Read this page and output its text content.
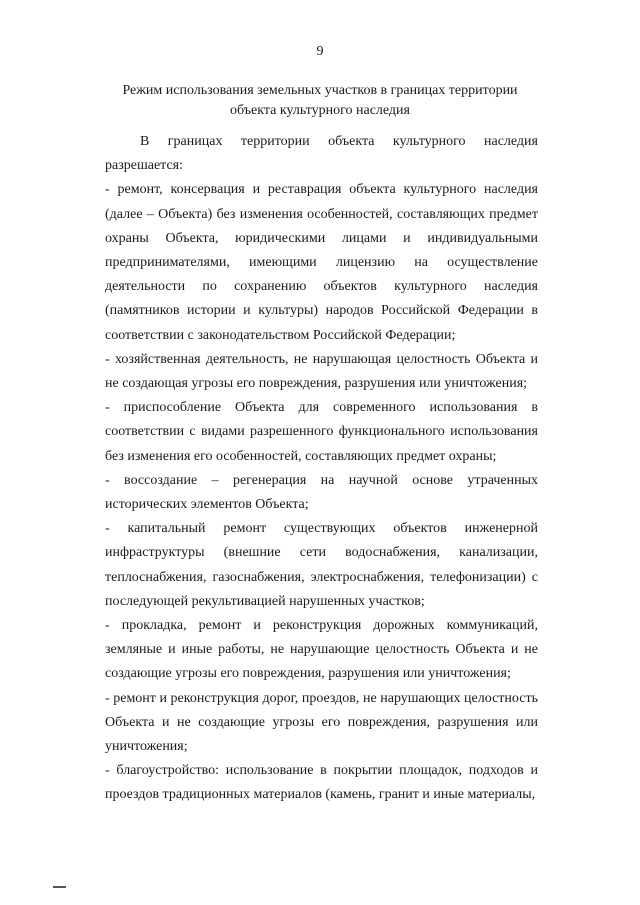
9
Режим использования земельных участков в границах территории объекта культурного наследия

В границах территории объекта культурного наследия разрешается:

- ремонт, консервация и реставрация объекта культурного наследия (далее – Объекта) без изменения особенностей, составляющих предмет охраны Объекта, юридическими лицами и индивидуальными предпринимателями, имеющими лицензию на осуществление деятельности по сохранению объектов культурного наследия (памятников истории и культуры) народов Российской Федерации в соответствии с законодательством Российской Федерации;

- хозяйственная деятельность, не нарушающая целостность Объекта и не создающая угрозы его повреждения, разрушения или уничтожения;

- приспособление Объекта для современного использования в соответствии с видами разрешенного функционального использования без изменения его особенностей, составляющих предмет охраны;

- воссоздание – регенерация на научной основе утраченных исторических элементов Объекта;

- капитальный ремонт существующих объектов инженерной инфраструктуры (внешние сети водоснабжения, канализации, теплоснабжения, газоснабжения, электроснабжения, телефонизации) с последующей рекультивацией нарушенных участков;

- прокладка, ремонт и реконструкция дорожных коммуникаций, земляные и иные работы, не нарушающие целостность Объекта и не создающие угрозы его повреждения, разрушения или уничтожения;

- ремонт и реконструкция дорог, проездов, не нарушающих целостность Объекта и не создающие угрозы его повреждения, разрушения или уничтожения;

- благоустройство: использование в покрытии площадок, подходов и проездов традиционных материалов (камень, гранит и иные материалы,
